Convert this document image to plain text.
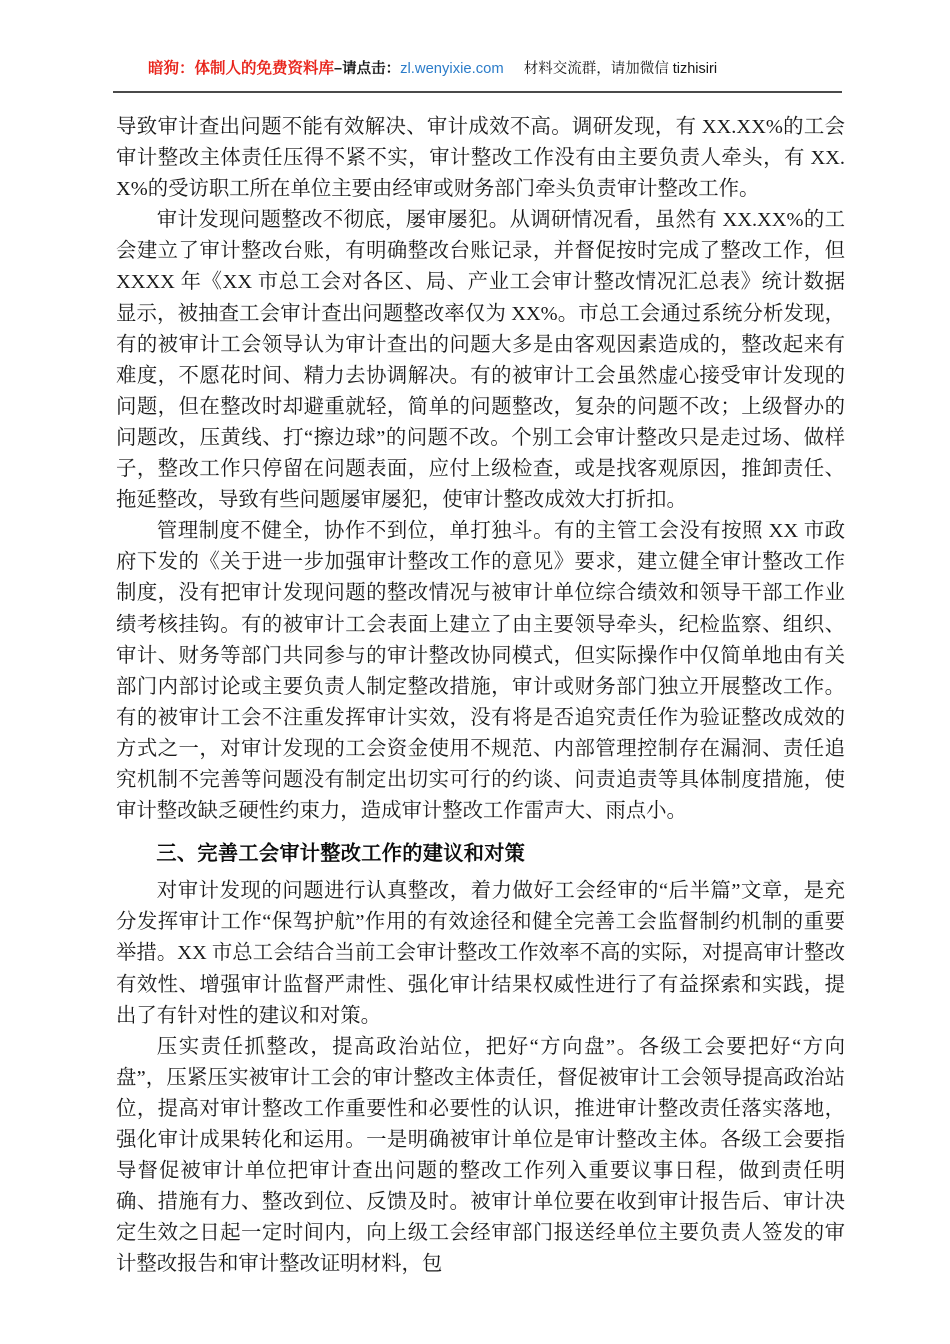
暗狗：体制人的免费资料库–请点击：zl.wenyixie.com 材料交流群，请加微信 tizhisiri

导致审计查出问题不能有效解决、审计成效不高。调研发现，有 XX.XX%的工会审计整改主体责任压得不紧不实，审计整改工作没有由主要负责人牵头，有 XX.X%的受访职工所在单位主要由经审或财务部门牵头负责审计整改工作。

审计发现问题整改不彻底，屡审屡犯。从调研情况看，虽然有 XX.XX%的工会建立了审计整改台账，有明确整改台账记录，并督促按时完成了整改工作，但 XXXX 年《XX 市总工会对各区、局、产业工会审计整改情况汇总表》统计数据显示，被抽查工会审计查出问题整改率仅为 XX%。市总工会通过系统分析发现，有的被审计工会领导认为审计查出的问题大多是由客观因素造成的，整改起来有难度，不愿花时间、精力去协调解决。有的被审计工会虽然虚心接受审计发现的问题，但在整改时却避重就轻，简单的问题整改，复杂的问题不改；上级督办的问题改，压黄线、打“擦边球”的问题不改。个别工会审计整改只是走过场、做样子，整改工作只停留在问题表面，应付上级检查，或是找客观原因，推卸责任、拖延整改，导致有些问题屡审屡犯，使审计整改成效大打折扣。

管理制度不健全，协作不到位，单打独斗。有的主管工会没有按照 XX 市政府下发的《关于进一步加强审计整改工作的意见》要求，建立健全审计整改工作制度，没有把审计发现问题的整改情况与被审计单位综合绩效和领导干部工作业绩考核挂钩。有的被审计工会表面上建立了由主要领导牵头，纪检监察、组织、审计、财务等部门共同参与的审计整改协同模式，但实际操作中仅简单地由有关部门内部讨论或主要负责人制定整改措施，审计或财务部门独立开展整改工作。有的被审计工会不注重发挥审计实效，没有将是否追究责任作为验证整改成效的方式之一，对审计发现的工会资金使用不规范、内部管理控制存在漏洞、责任追究机制不完善等问题没有制定出切实可行的约谈、问责追责等具体制度措施，使审计整改缺乏硬性约束力，造成审计整改工作雷声大、雨点小。

三、完善工会审计整改工作的建议和对策

对审计发现的问题进行认真整改，着力做好工会经审的“后半篇”文章，是充分发挥审计工作“保驾护航”作用的有效途径和健全完善工会监督制约机制的重要举措。XX 市总工会结合当前工会审计整改工作效率不高的实际，对提高审计整改有效性、增强审计监督严肃性、强化审计结果权威性进行了有益探索和实践，提出了有针对性的建议和对策。

压实责任抓整改，提高政治站位，把好“方向盘”。各级工会要把好“方向盘”，压紧压实被审计工会的审计整改主体责任，督促被审计工会领导提高政治站位，提高对审计整改工作重要性和必要性的认识，推进审计整改责任落实落地，强化审计成果转化和运用。一是明确被审计单位是审计整改主体。各级工会要指导督促被审计单位把审计查出问题的整改工作列入重要议事日程，做到责任明确、措施有力、整改到位、反馈及时。被审计单位要在收到审计报告后、审计决定生效之日起一定时间内，向上级工会经审部门报送经单位主要负责人签发的审计整改报告和审计整改证明材料，包
